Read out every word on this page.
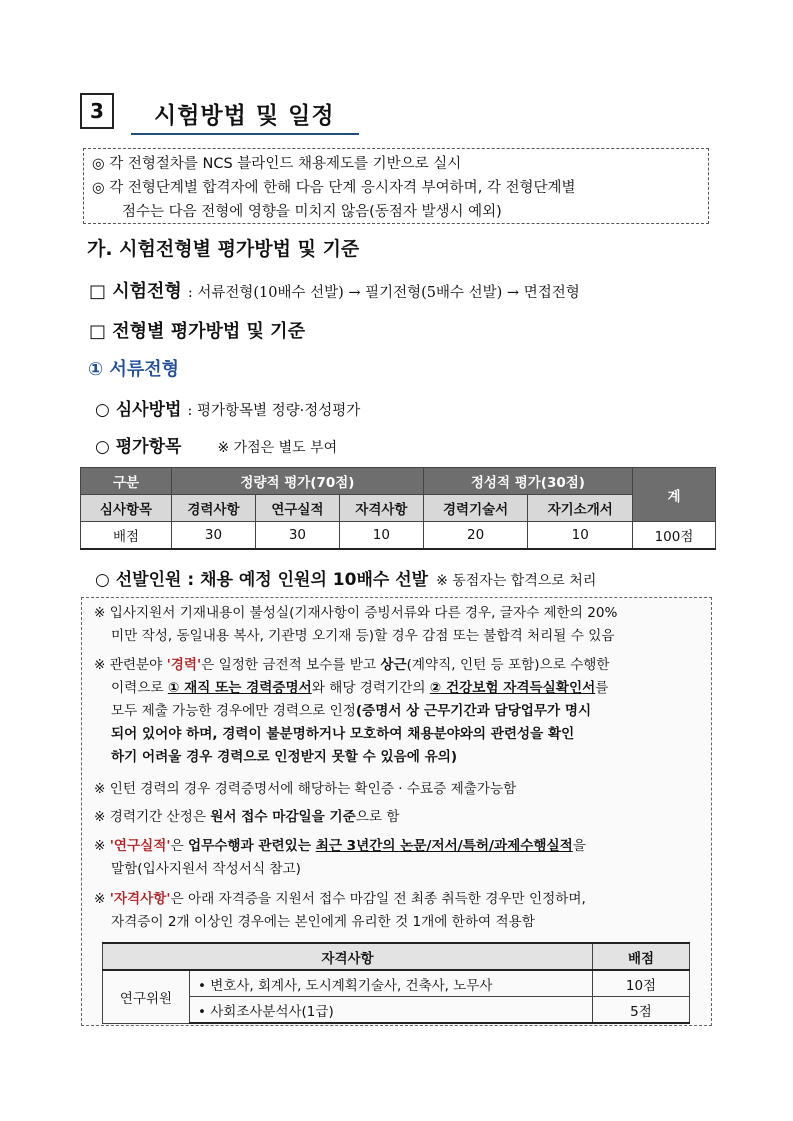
3	시험방법 및 일정
◎ 각 전형절차를 NCS 블라인드 채용제도를 기반으로 실시
◎ 각 전형단계별 합격자에 한해 다음 단계 응시자격 부여하며, 각 전형단계별
점수는 다음 전형에 영향을 미치지 않음(동점자 발생시 예외)
가. 시험전형별 평가방법 및 기준
□ 시험전형 : 서류전형(10배수 선발) → 필기전형(5배수 선발) → 면접전형
□ 전형별 평가방법 및 기준
① 서류전형
○ 심사방법 : 평가항목별 정량·정성평가
○ 평가항목	※ 가점은 별도 부여
구분	정량적 평가(70점)			정성적 평가(30점)		계
심사항목	경력사항	연구실적	자격사항	경력기술서	자기소개서	
배점	30	30	10	20	10	100점
○ 선발인원 : 채용 예정 인원의 10배수 선발 ※ 동점자는 합격으로 처리
※ 입사지원서 기재내용이 불성실(기재사항이 증빙서류와 다른 경우, 글자수 제한의 20%
미만 작성, 동일내용 복사, 기관명 오기재 등)할 경우 감점 또는 불합격 처리될 수 있음
※ 관련분야 '경력'은 일정한 금전적 보수를 받고 상근(계약직, 인턴 등 포함)으로 수행한
이력으로 ① 재직 또는 경력증명서와 해당 경력기간의 ② 건강보험 자격득실확인서를
모두 제출 가능한 경우에만 경력으로 인정(증명서 상 근무기간과 담당업무가 명시
되어 있어야 하며, 경력이 불분명하거나 모호하여 채용분야와의 관련성을 확인
하기 어려울 경우 경력으로 인정받지 못할 수 있음에 유의)
※ 인턴 경력의 경우 경력증명서에 해당하는 확인증 · 수료증 제출가능함
※ 경력기간 산정은 원서 접수 마감일을 기준으로 함
※ '연구실적'은 업무수행과 관련있는 최근 3년간의 논문/저서/특허/과제수행실적을
말함(입사지원서 작성서식 참고)
※ '자격사항'은 아래 자격증을 지원서 접수 마감일 전 최종 취득한 경우만 인정하며,
자격증이 2개 이상인 경우에는 본인에게 유리한 것 1개에 한하여 적용함
자격사항		배점
연구위원	• 변호사, 회계사, 도시계획기술사, 건축사, 노무사	10점
	• 사회조사분석사(1급)	5점
